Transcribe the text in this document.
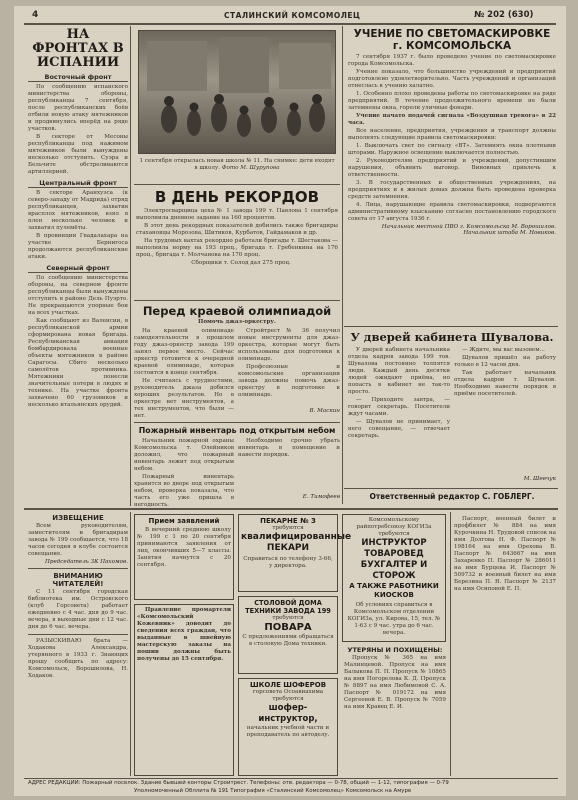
4	СТАЛИНСКИЙ КОМСОМОЛЕЦ	№ 202 (630)
НА ФРОНТАХ В ИСПАНИИ
Восточный фронт

По сообщению испанского министерства обороны, республиканцы 7 сентября, после республиканских боёв отбили новую атаку мятежников и продвинулись вперёд на ряде участков.

В секторе от Месоны республиканцы под нажимом мятежников были вынуждены несколько отступить. Суэра и Бельчите обстреливаются артиллерией.

Центральный фронт

В секторе Аранхуэса (к северо-западу от Мадрида) отряд республиканцев, захватив врасплох мятежников, взял в плен несколько человек и захватил пулемёты.

В провинции Гвадалахара на участке Бернигоса продолжаются республиканские атаки.

Северный фронт

По сообщению министерства обороны, на северном фронте республиканцы были вынуждены отступить в районе Дель Пуэрто. Не прекращаются упорные бои на всех участках.

Как сообщают из Валенсии, в республиканской армии сформирована новая бригада. Республиканская авиация бомбардировала военные объекты мятежников в районе Сарагосы. Сбито несколько самолётов противника. Мятежники понесли значительные потери в людях и технике. На участке фронта захвачено 60 грузовиков и несколько итальянских орудий.

1 сентября открылась новая школа № 11. На снимке: дети входят в школу. Фото М. Шурупова
В ДЕНЬ РЕКОРДОВ

Электросварщица цеха № 1 завода 199 т. Павлова 1 сентября выполнила дневное задание на 160 процентов.

В этот день рекордных показателей добились также бригадиры стахановцы Морозова, Шитиков, Курбатов, Гайдамаков и др.

На трудовых вахтах рекордно работали бригады т. Шестакова — выполнила норму на 193 проц., бригада т. Гребенкина на 176 проц., бригада т. Молчанова на 170 проц.

Сборщики т. Солод дал 275 проц.

УЧЕНИЕ ПО СВЕТОМАСКИРОВКЕ
г. КОМСОМОЛЬСКА

7 сентября 1937 г. было проведено учение по светомаскировке города Комсомольска.

Учение показало, что большинство учреждений и предприятий подготовлено удовлетворительно. Часть учреждений и организаций отнеслась к учению халатно.

1. Особенно плохо проведены работы по светомаскировке на ряде предприятий. В течение продолжительного времени не были затемнены окна, горели уличные фонари.

Учение начато подачей сигнала «Воздушная тревога» в 22 часа.

Все население, предприятия, учреждения и транспорт должны выполнять следующие правила светомаскировки:

1. Выключать свет по сигналу «ВТ». Затемнять окна плотными шторами. Наружное освещение выключается полностью.

2. Руководителям предприятий и учреждений, допустившим нарушения, объявить выговор. Виновных привлечь к ответственности.

3. В государственных и общественных учреждениях, на предприятиях и в жилых домах должна быть проведена проверка средств затемнения.

4. Лица, нарушающие правила светомаскировки, подвергаются административному взысканию согласно постановлению городского совета от 17 августа 1936 г.

Начальник местной ПВО г. Комсомольска М. Ворошилов.
Начальник штаба М. Новиков.
Перед краевой олимпиадой
Помочь джаз-оркестру.

На краевой олимпиаде самодеятельности в прошлом году джаз-оркестр завода 199 занял первое место. Сейчас оркестр готовится к очередной краевой олимпиаде, которая состоится в конце сентября.

Не считаясь с трудностями, руководитель джаза добился хороших результатов. Но в оркестре нет инструментов, а тех инструментов, что были — нет.

Стройтрест № 36 получил новые инструменты для джаз-оркестра, которые могут быть использованы для подготовки к олимпиаде.

Профсоюзные и комсомольские организации завода должны помочь джаз-оркестру в подготовке к олимпиаде.

В. Маскин
Пожарный инвентарь под открытым небом

Начальник пожарной охраны Комсомольска т. Олейников доложил, что пожарный инвентарь лежит под открытым небом.

Пожарный инвентарь хранится во дворе под открытым небом, проверка показала, что часть его уже пришла в негодность.

Необходимо срочно убрать инвентарь в помещение и навести порядок.

Е. Тимофеев
У дверей кабинета Шувалова.

У дверей кабинета начальника отдела кадров завода 199 тов. Шувалова постоянно толпятся люди. Каждый день десятки людей ожидают приёма, но попасть в кабинет не так-то просто.

— Приходите завтра, — говорит секретарь. Посетители ждут часами.

— Шувалов не принимает, у него совещание, — отвечает секретарь.

— Ждите, мы вас вызовем...

Шувалов пришёл на работу только в 12 часов дня.

Так работает начальник отдела кадров т. Шувалов. Необходимо навести порядок в приёме посетителей.

М. Шевчук
Ответственный редактор С. ГОБЛЕРГ.
ИЗВЕЩЕНИЕ

Всем руководителям, заместителям и бригадирам завода № 199 сообщается, что 18 часов сегодня в клубе состоится совещание.

Председатель ЗК Пахомов.
ВНИМАНИЮ ЧИТАТЕЛЕЙ!

С 11 сентября городская библиотека им. Островского (клуб Горсовета) работает ежедневно с 4 час. дня до 9 час. вечера, в выходные дни с 12 час. дня до 6 час. вечера.

РАЗЫСКИВАЮ брата — Ходакова Александра, утерянного в 1933 г. Знающих прошу сообщить по адресу: Комсомольск, Ворошилова, Н. Ходаков.

Прием заявлений

В вечерний среднюю школу № 199 с 1 по 20 сентября принимаются заявления от лиц, окончивших 5—7 классы. Занятия начнутся с 20 сентября.

Правление промартели «Комсомольский Кожевник» доводит до сведения всех граждан, что выданные в швейную мастерскую заказы на пошив должны быть получены до 15 сентября.

ПЕКАРНЕ № 3
требуются
квалифицированные ПЕКАРИ
Справиться по телефону 3-66, у директора.
СТОЛОВОЙ ДОМА ТЕХНИКИ ЗАВОДА 199
требуются
ПОВАРА
С предложениями обращаться в столовую Дома техники.
ШКОЛЕ ШОФЕРОВ
горсовета Осоавиахима требуются
шофер-инструктор,
начальник учебной части и преподаватель по автоделу.
Комсомольскому райпотребсоюзу КОГИЗа требуются
ИНСТРУКТОР ТОВАРОВЕД БУХГАЛТЕР И СТОРОЖ
А ТАКЖЕ РАБОТНИКИ КИОСКОВ
Об условиях справиться в Комсомольском отделении КОГИЗа, ул. Кирова, 15, тел. № 1-63 с 9 час. утра до 6 час. вечера.
УТЕРЯНЫ И ПОХИЩЕНЫ:

Пропуск № 365 на имя Малинцевой. Пропуск на имя Балыкова П. П. Пропуск № 10865 на имя Погорелова К. Д. Пропуск № 8897 на имя Любимовой С. А. Паспорт № 019172 на имя Сергеевой Е. В. Пропуск № 7059 на имя Кравец Е. И.

Паспорт, военный билет и профбилет № 884 на имя Курочкина Н. Трудовой список на имя Долгова Н. Ф. Паспорт № 198164 на имя Орехова В. Паспорт № 643667 на имя Захаренко П. Паспорт № 286011 на имя Бурцева И. Паспорт № 509732 и военный билет на имя Березина П. Я. Паспорт № 2137 на имя Осиповой Е. П.

АДРЕС РЕДАКЦИИ: Пожарный поселок. Здание бывшей конторы Строитрест. Телефоны: отв. редактора — 0-78, общий — 1-12, типография — 0-79
Уполномоченный Обллита № 191 Типография «Сталинский Комсомолец» Комсомольск на Амуре
